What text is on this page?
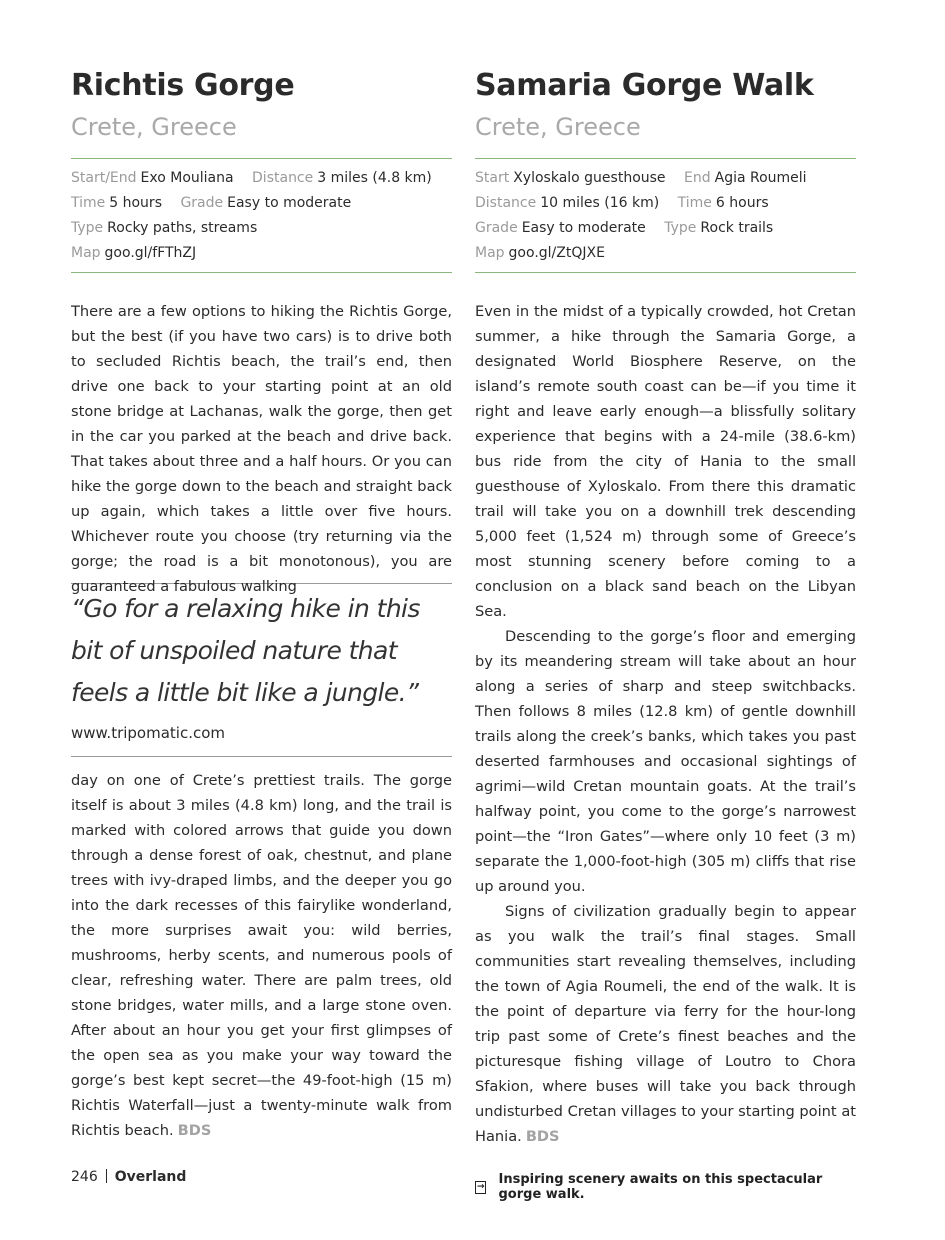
Richtis Gorge
Crete, Greece
Start/End Exo Mouliana Distance 3 miles (4.8 km)
Time 5 hours Grade Easy to moderate
Type Rocky paths, streams
Map goo.gl/fFThZJ

There are a few options to hiking the Richtis Gorge, but the best (if you have two cars) is to drive both to secluded Richtis beach, the trail’s end, then drive one back to your starting point at an old stone bridge at Lachanas, walk the gorge, then get in the car you parked at the beach and drive back. That takes about three and a half hours. Or you can hike the gorge down to the beach and straight back up again, which takes a little over five hours. Whichever route you choose (try returning via the gorge; the road is a bit monotonous), you are guaranteed a fabulous walking

“Go for a relaxing hike in this bit of unspoiled nature that feels a little bit like a jungle.”
www.tripomatic.com

day on one of Crete’s prettiest trails. The gorge itself is about 3 miles (4.8 km) long, and the trail is marked with colored arrows that guide you down through a dense forest of oak, chestnut, and plane trees with ivy-draped limbs, and the deeper you go into the dark recesses of this fairylike wonderland, the more surprises await you: wild berries, mushrooms, herby scents, and numerous pools of clear, refreshing water. There are palm trees, old stone bridges, water mills, and a large stone oven. After about an hour you get your first glimpses of the open sea as you make your way toward the gorge’s best kept secret—the 49-foot-high (15 m) Richtis Waterfall—just a twenty-minute walk from Richtis beach. BDS

Samaria Gorge Walk
Crete, Greece
Start Xyloskalo guesthouse End Agia Roumeli
Distance 10 miles (16 km) Time 6 hours
Grade Easy to moderate Type Rock trails
Map goo.gl/ZtQJXE

Even in the midst of a typically crowded, hot Cretan summer, a hike through the Samaria Gorge, a designated World Biosphere Reserve, on the island’s remote south coast can be—if you time it right and leave early enough—a blissfully solitary experience that begins with a 24-mile (38.6-km) bus ride from the city of Hania to the small guesthouse of Xyloskalo. From there this dramatic trail will take you on a downhill trek descending 5,000 feet (1,524 m) through some of Greece’s most stunning scenery before coming to a conclusion on a black sand beach on the Libyan Sea.

Descending to the gorge’s floor and emerging by its meandering stream will take about an hour along a series of sharp and steep switchbacks. Then follows 8 miles (12.8 km) of gentle downhill trails along the creek’s banks, which takes you past deserted farmhouses and occasional sightings of agrimi—wild Cretan mountain goats. At the trail’s halfway point, you come to the gorge’s narrowest point—the “Iron Gates”—where only 10 feet (3 m) separate the 1,000-foot-high (305 m) cliffs that rise up around you.

Signs of civilization gradually begin to appear as you walk the trail’s final stages. Small communities start revealing themselves, including the town of Agia Roumeli, the end of the walk. It is the point of departure via ferry for the hour-long trip past some of Crete’s finest beaches and the picturesque fishing village of Loutro to Chora Sfakion, where buses will take you back through undisturbed Cretan villages to your starting point at Hania. BDS

→ Inspiring scenery awaits on this spectacular gorge walk.
246 Overland
